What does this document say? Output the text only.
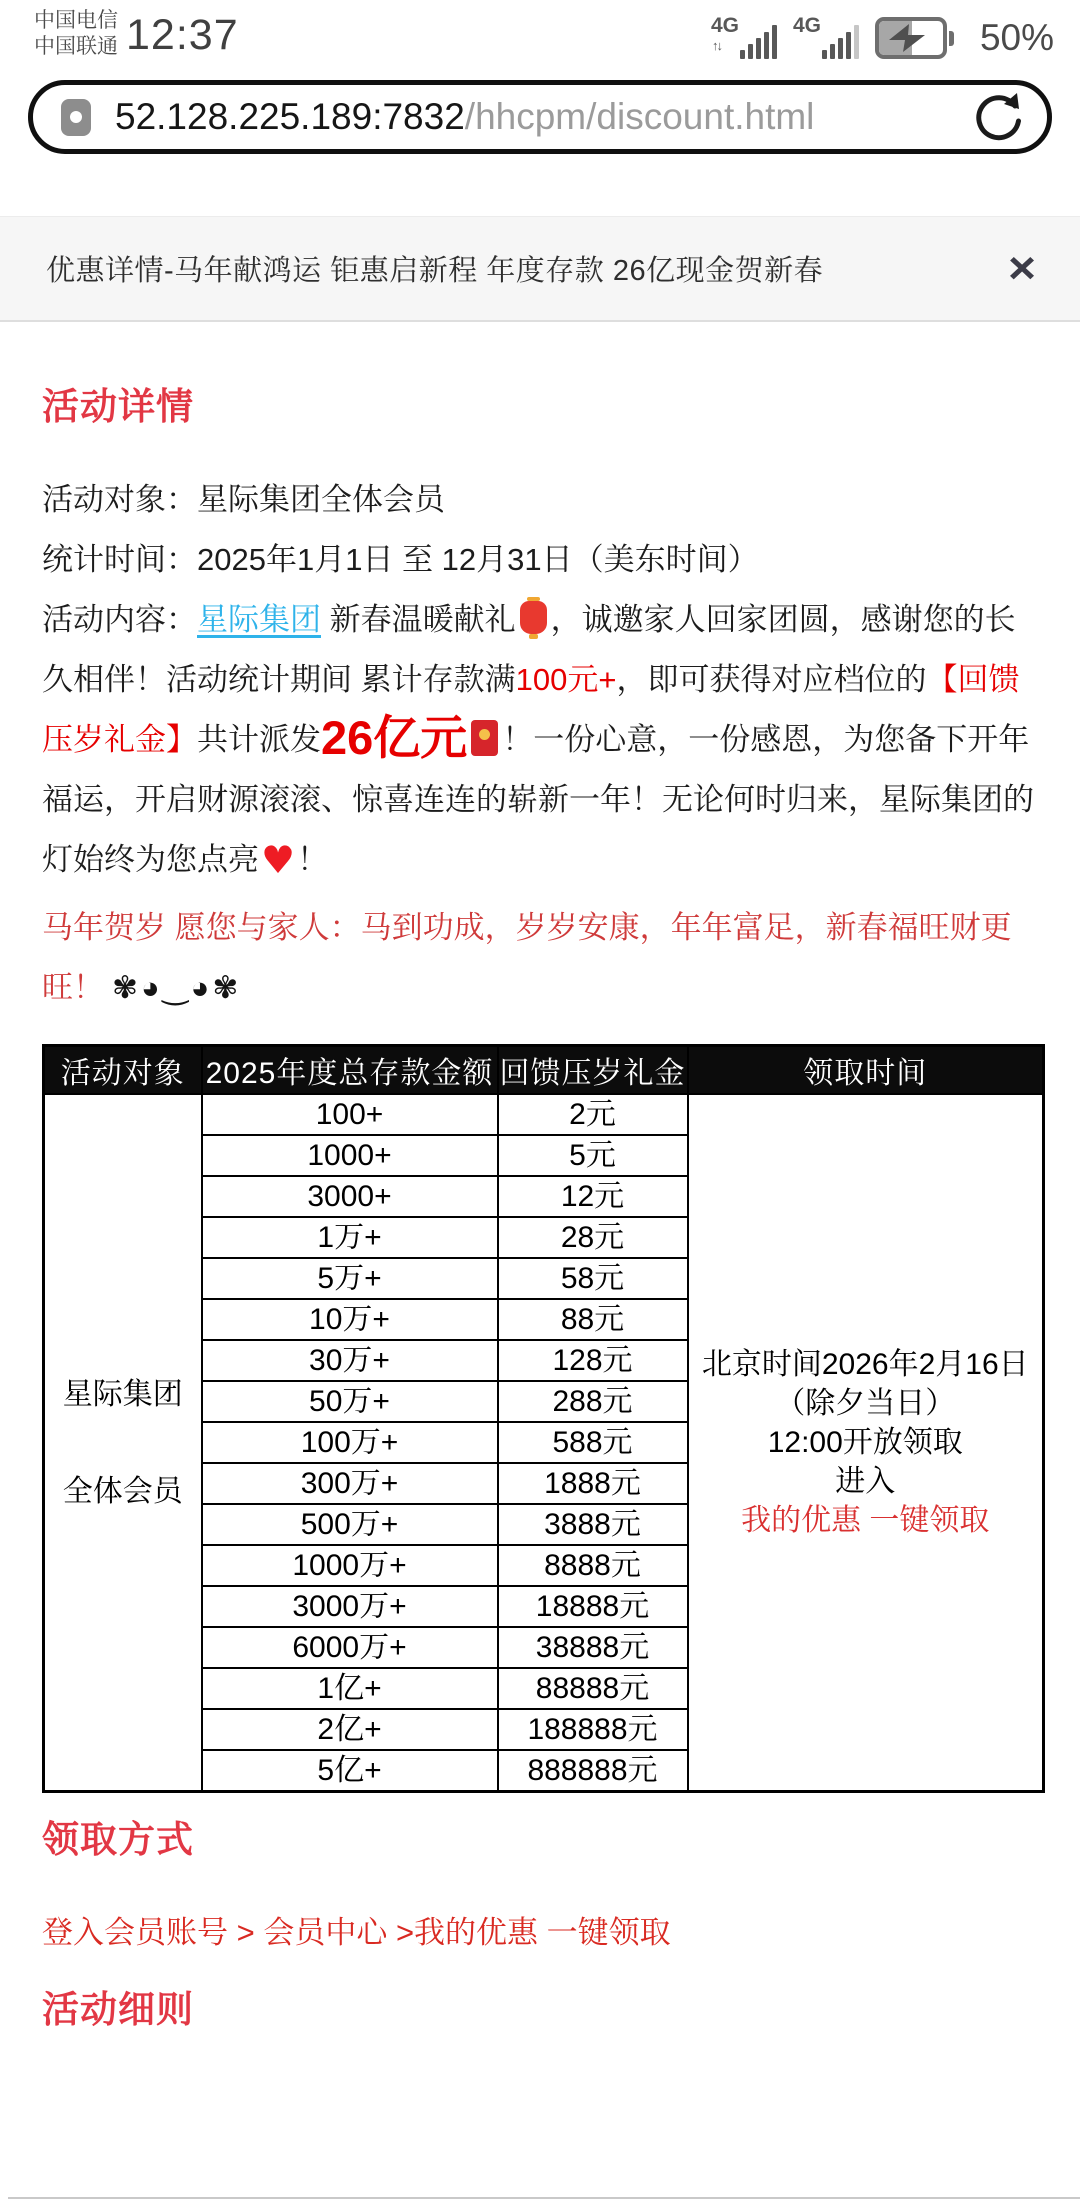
中国电信
中国联通 12:37	4G
↑↓
4G	50%
52.128.225.189:7832/hhcpm/discount.html
优惠详情-马年献鸿运 钜惠启新程 年度存款 26亿现金贺新春	×
活动详情

活动对象：星际集团全体会员

统计时间：2025年1月1日 至 12月31日（美东时间）

活动内容：星际集团 新春温暖献礼 ，诚邀家人回家团圆，感谢您的长久相伴！活动统计期间 累计存款满100元+，即可获得对应档位的【回馈压岁礼金】共计派发26亿元 ！一份心意，一份感恩，为您备下开年福运，开启财源滚滚、惊喜连连的崭新一年！无论何时归来，星际集团的灯始终为您点亮♥！

马年贺岁 愿您与家人：马到功成，岁岁安康，年年富足，新春福旺财更旺！ ✾◕‿◕✾

活动对象	2025年度总存款金额	回馈压岁礼金	领取时间

星际集团
全体会员
	100+	2元	
北京时间2026年2月16日
（除夕当日）
12:00开放领取
进入
我的优惠 一键领取

	1000+	5元	
	3000+	12元	
	1万+	28元	
	5万+	58元	
	10万+	88元	
	30万+	128元	
	50万+	288元	
	100万+	588元	
	300万+	1888元	
	500万+	3888元	
	1000万+	8888元	
	3000万+	18888元	
	6000万+	38888元	
	1亿+	88888元	
	2亿+	188888元	
	5亿+	888888元	
领取方式

登入会员账号 > 会员中心 >我的优惠 一键领取

活动细则
